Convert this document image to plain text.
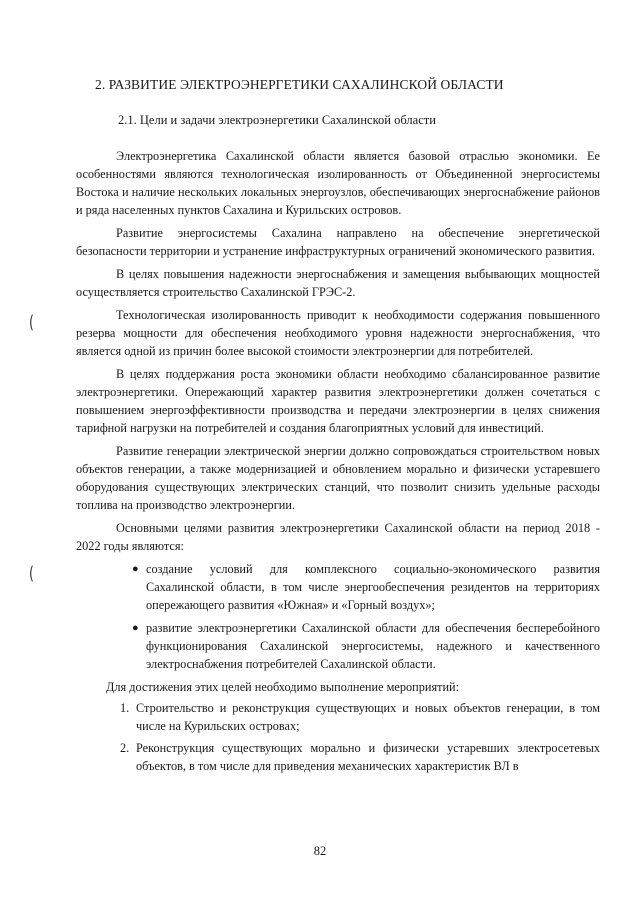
(
(
2. РАЗВИТИЕ ЭЛЕКТРОЭНЕРГЕТИКИ САХАЛИНСКОЙ ОБЛАСТИ
2.1. Цели и задачи электроэнергетики Сахалинской области

Электроэнергетика Сахалинской области является базовой отраслью экономики. Ее особенностями являются технологическая изолированность от Объединенной энергосистемы Востока и наличие нескольких локальных энергоузлов, обеспечивающих энергоснабжение районов и ряда населенных пунктов Сахалина и Курильских островов.

Развитие энергосистемы Сахалина направлено на обеспечение энергетической безопасности территории и устранение инфраструктурных ограничений экономического развития.

В целях повышения надежности энергоснабжения и замещения выбывающих мощностей осуществляется строительство Сахалинской ГРЭС-2.

Технологическая изолированность приводит к необходимости содержания повышенного резерва мощности для обеспечения необходимого уровня надежности энергоснабжения, что является одной из причин более высокой стоимости электроэнергии для потребителей.

В целях поддержания роста экономики области необходимо сбалансированное развитие электроэнергетики. Опережающий характер развития электроэнергетики должен сочетаться с повышением энергоэффективности производства и передачи электроэнергии в целях снижения тарифной нагрузки на потребителей и создания благоприятных условий для инвестиций.

Развитие генерации электрической энергии должно сопровождаться строительством новых объектов генерации, а также модернизацией и обновлением морально и физически устаревшего оборудования существующих электрических станций, что позволит снизить удельные расходы топлива на производство электроэнергии.

Основными целями развития электроэнергетики Сахалинской области на период 2018 - 2022 годы являются:

● создание условий для комплексного социально-экономического развития Сахалинской области, в том числе энергообеспечения резидентов на территориях опережающего развития «Южная» и «Горный воздух»;
● развитие электроэнергетики Сахалинской области для обеспечения бесперебойного функционирования Сахалинской энергосистемы, надежного и качественного электроснабжения потребителей Сахалинской области.

Для достижения этих целей необходимо выполнение мероприятий:

1. Строительство и реконструкция существующих и новых объектов генерации, в том числе на Курильских островах;
2. Реконструкция существующих морально и физически устаревших электросетевых объектов, в том числе для приведения механических характеристик ВЛ в
82
